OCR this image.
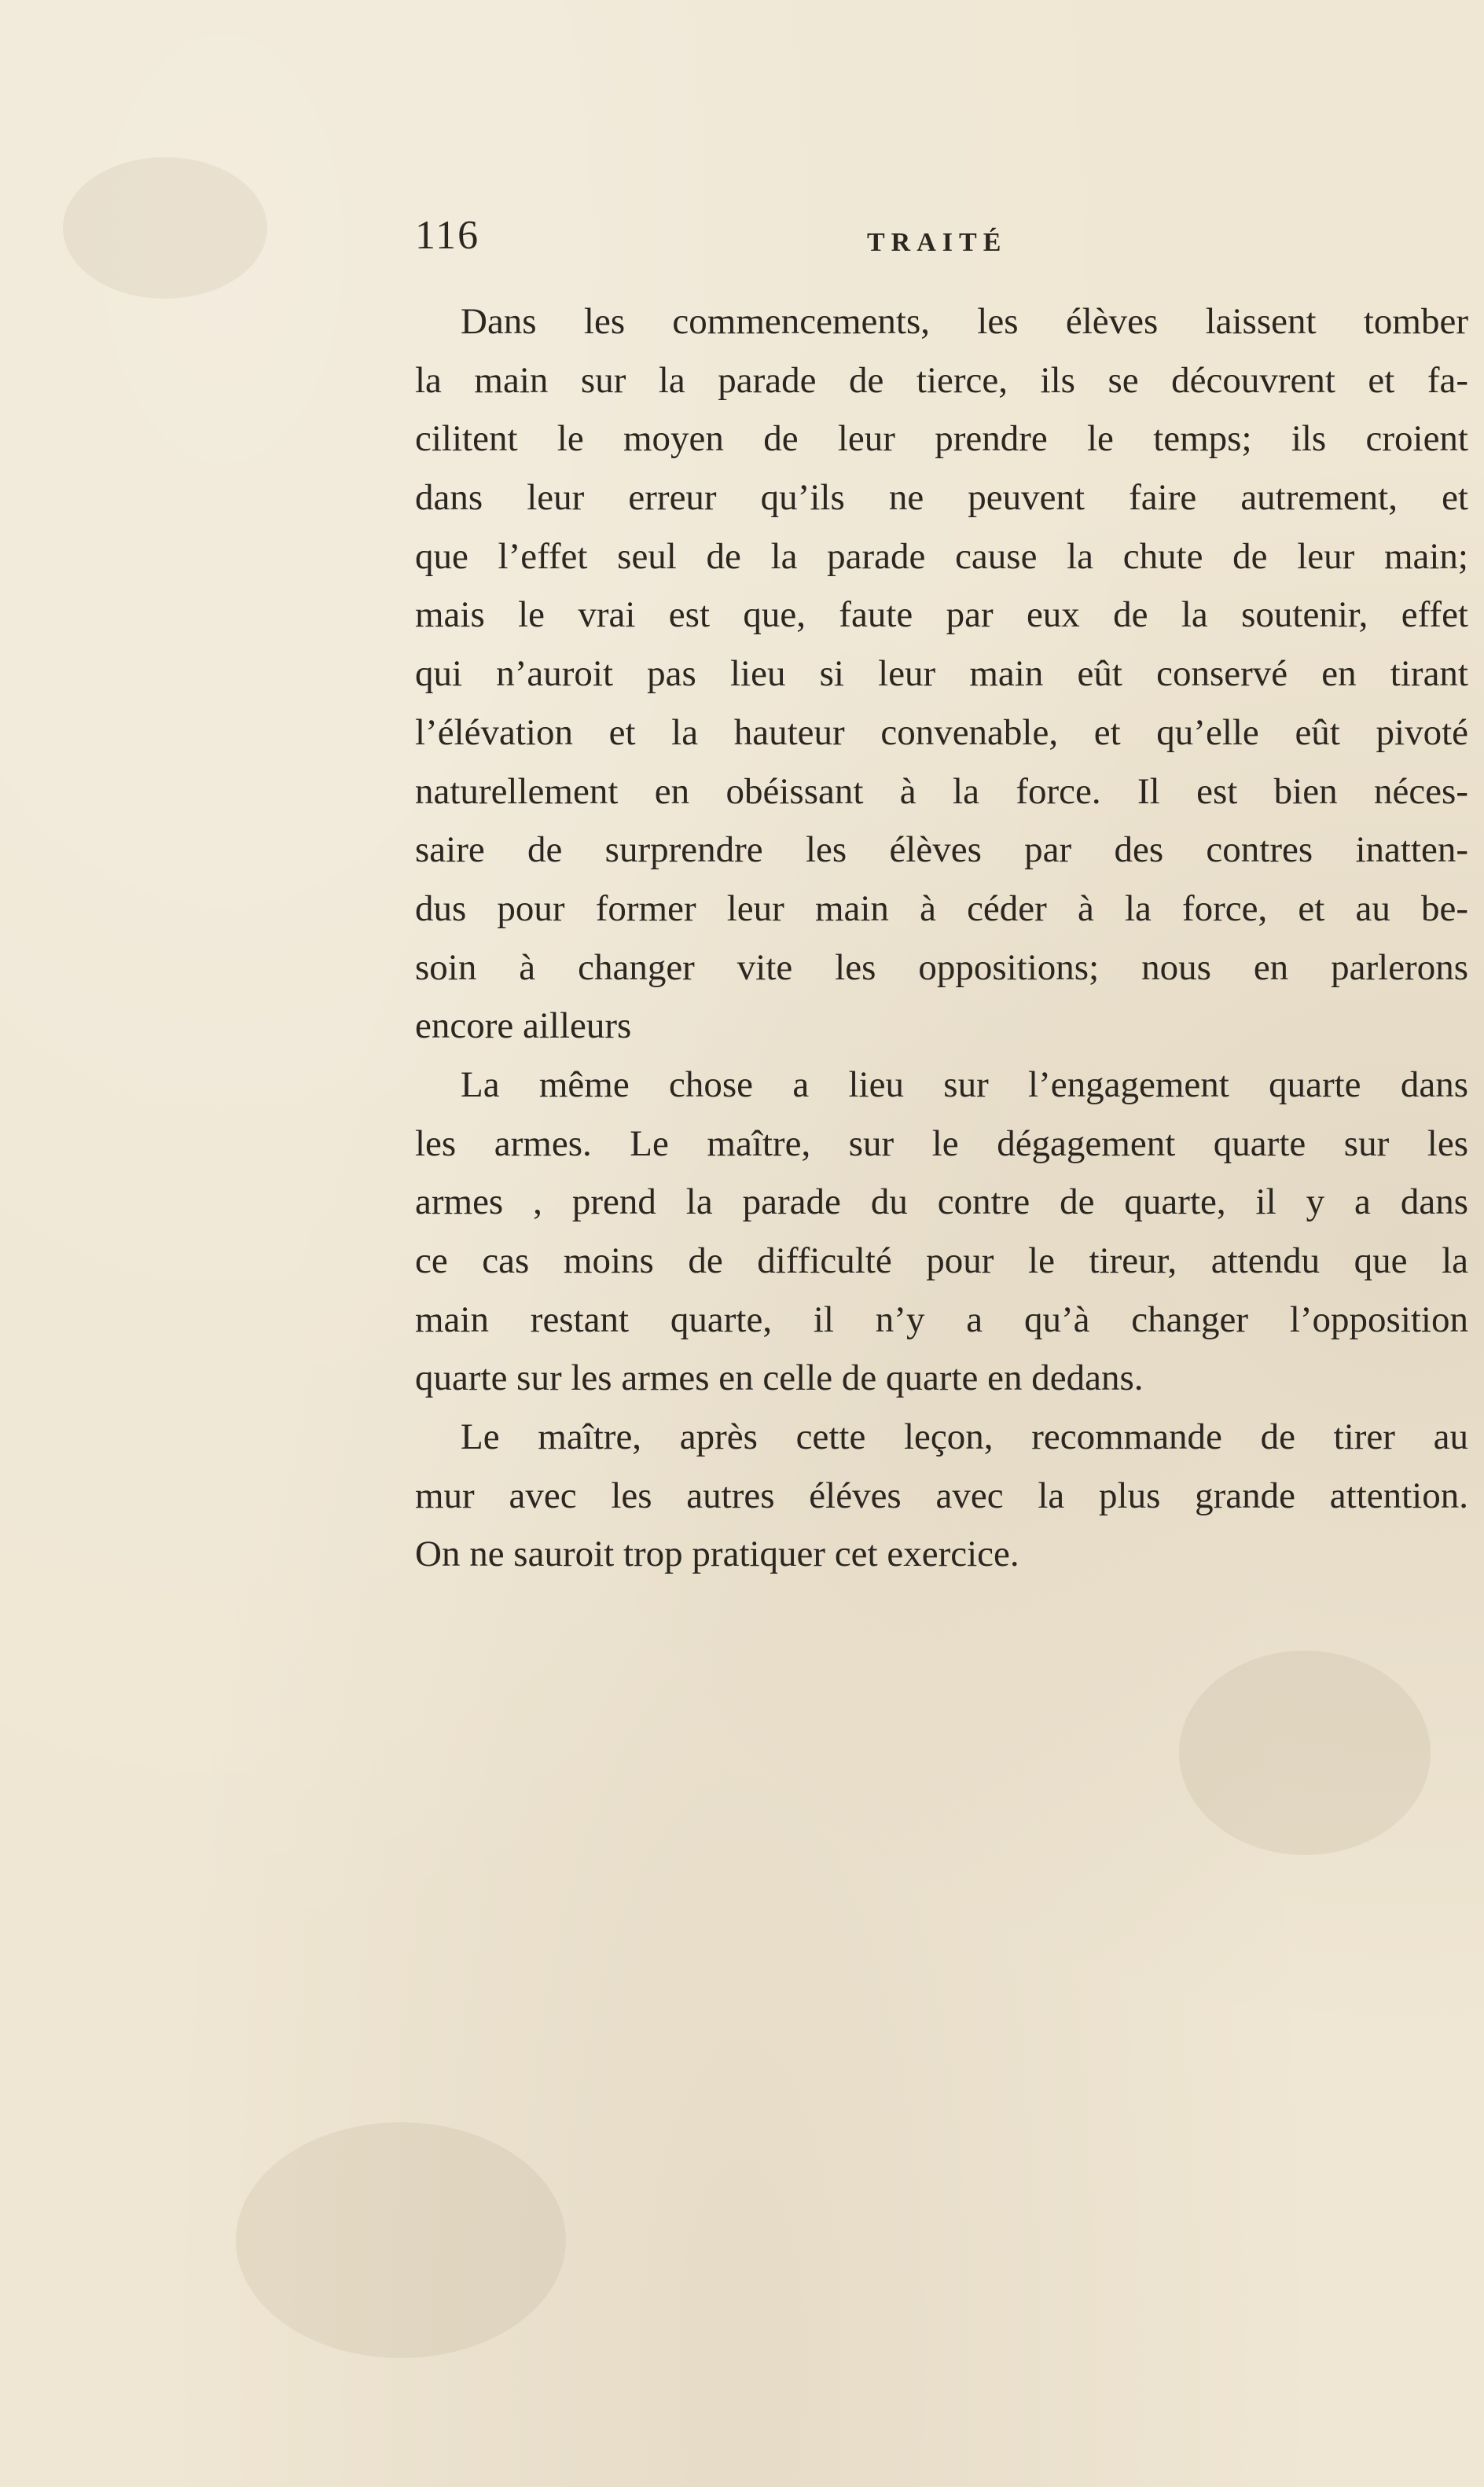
116	TRAITÉ
Dans les commencements, les élèves laissent tomber
la main sur la parade de tierce, ils se découvrent et fa-
cilitent le moyen de leur prendre le temps; ils croient
dans leur erreur qu’ils ne peuvent faire autrement, et
que l’effet seul de la parade cause la chute de leur main;
mais le vrai est que, faute par eux de la soutenir, effet
qui n’auroit pas lieu si leur main eût conservé en tirant
l’élévation et la hauteur convenable, et qu’elle eût pivoté
naturellement en obéissant à la force. Il est bien néces-
saire de surprendre les élèves par des contres inatten-
dus pour former leur main à céder à la force, et au be-
soin à changer vite les oppositions; nous en parlerons
encore ailleurs
La même chose a lieu sur l’engagement quarte dans
les armes. Le maître, sur le dégagement quarte sur les
armes , prend la parade du contre de quarte, il y a dans
ce cas moins de difficulté pour le tireur, attendu que la
main restant quarte, il n’y a qu’à changer l’opposition
quarte sur les armes en celle de quarte en dedans.
Le maître, après cette leçon, recommande de tirer au
mur avec les autres éléves avec la plus grande attention.
On ne sauroit trop pratiquer cet exercice.
